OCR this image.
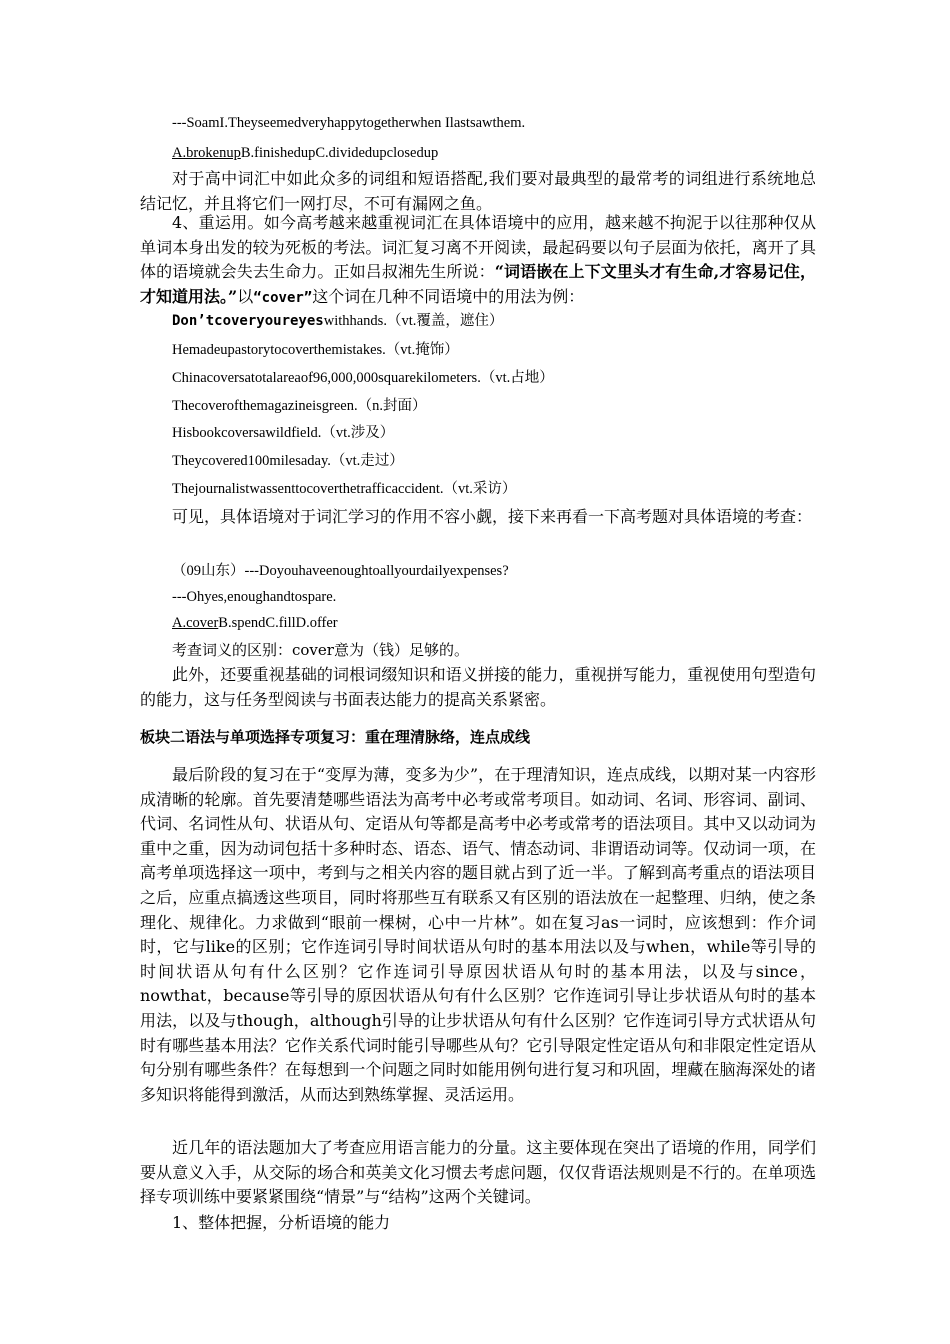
---SoamI.Theyseemedveryhappytogetherwhen Ilastsawthem.
A.brokenupB.finishedupC.dividedupclosedup
对于高中词汇中如此众多的词组和短语搭配,我们要对最典型的最常考的词组进行系统地总结记忆，并且将它们一网打尽，不可有漏网之鱼。
4、重运用。如今高考越来越重视词汇在具体语境中的应用，越来越不拘泥于以往那种仅从单词本身出发的较为死板的考法。词汇复习离不开阅读，最起码要以句子层面为依托，离开了具体的语境就会失去生命力。正如吕叔湘先生所说：“词语嵌在上下文里头才有生命,才容易记住，才知道用法。”以“cover”这个词在几种不同语境中的用法为例：
Don’tcoveryoureyeswithhands.（vt.覆盖，遮住）
Hemadeupastorytocoverthemistakes.（vt.掩饰）
Chinacoversatotalareaof96,000,000squarekilometers.（vt.占地）
Thecoverofthemagazineisgreen.（n.封面）
Hisbookcoversawildfield.（vt.涉及）
Theycovered100milesaday.（vt.走过）
Thejournalistwassenttocoverthetrafficaccident.（vt.采访）
可见，具体语境对于词汇学习的作用不容小觑，接下来再看一下高考题对具体语境的考查：
（09山东）---Doyouhaveenoughtoallyourdailyexpenses?
---Ohyes,enoughandtospare.
A.coverB.spendC.fillD.offer
考查词义的区别：cover意为（钱）足够的。
此外，还要重视基础的词根词缀知识和语义拼接的能力，重视拼写能力，重视使用句型造句的能力，这与任务型阅读与书面表达能力的提高关系紧密。
板块二语法与单项选择专项复习：重在理清脉络，连点成线
最后阶段的复习在于“变厚为薄，变多为少”，在于理清知识，连点成线，以期对某一内容形成清晰的轮廓。首先要清楚哪些语法为高考中必考或常考项目。如动词、名词、形容词、副词、代词、名词性从句、状语从句、定语从句等都是高考中必考或常考的语法项目。其中又以动词为重中之重，因为动词包括十多种时态、语态、语气、情态动词、非谓语动词等。仅动词一项，在高考单项选择这一项中，考到与之相关内容的题目就占到了近一半。了解到高考重点的语法项目之后，应重点搞透这些项目，同时将那些互有联系又有区别的语法放在一起整理、归纳，使之条理化、规律化。力求做到“眼前一棵树，心中一片林”。如在复习as一词时，应该想到：作介词时，它与like的区别；它作连词引导时间状语从句时的基本用法以及与when，while等引导的时间状语从句有什么区别？它作连词引导原因状语从句时的基本用法，以及与since，nowthat，because等引导的原因状语从句有什么区别？它作连词引导让步状语从句时的基本用法，以及与though，although引导的让步状语从句有什么区别？它作连词引导方式状语从句时有哪些基本用法？它作关系代词时能引导哪些从句？它引导限定性定语从句和非限定性定语从句分别有哪些条件？在每想到一个问题之同时如能用例句进行复习和巩固，埋藏在脑海深处的诸多知识将能得到激活，从而达到熟练掌握、灵活运用。
近几年的语法题加大了考查应用语言能力的分量。这主要体现在突出了语境的作用，同学们要从意义入手，从交际的场合和英美文化习惯去考虑问题，仅仅背语法规则是不行的。在单项选择专项训练中要紧紧围绕“情景”与“结构”这两个关键词。
1、整体把握，分析语境的能力
